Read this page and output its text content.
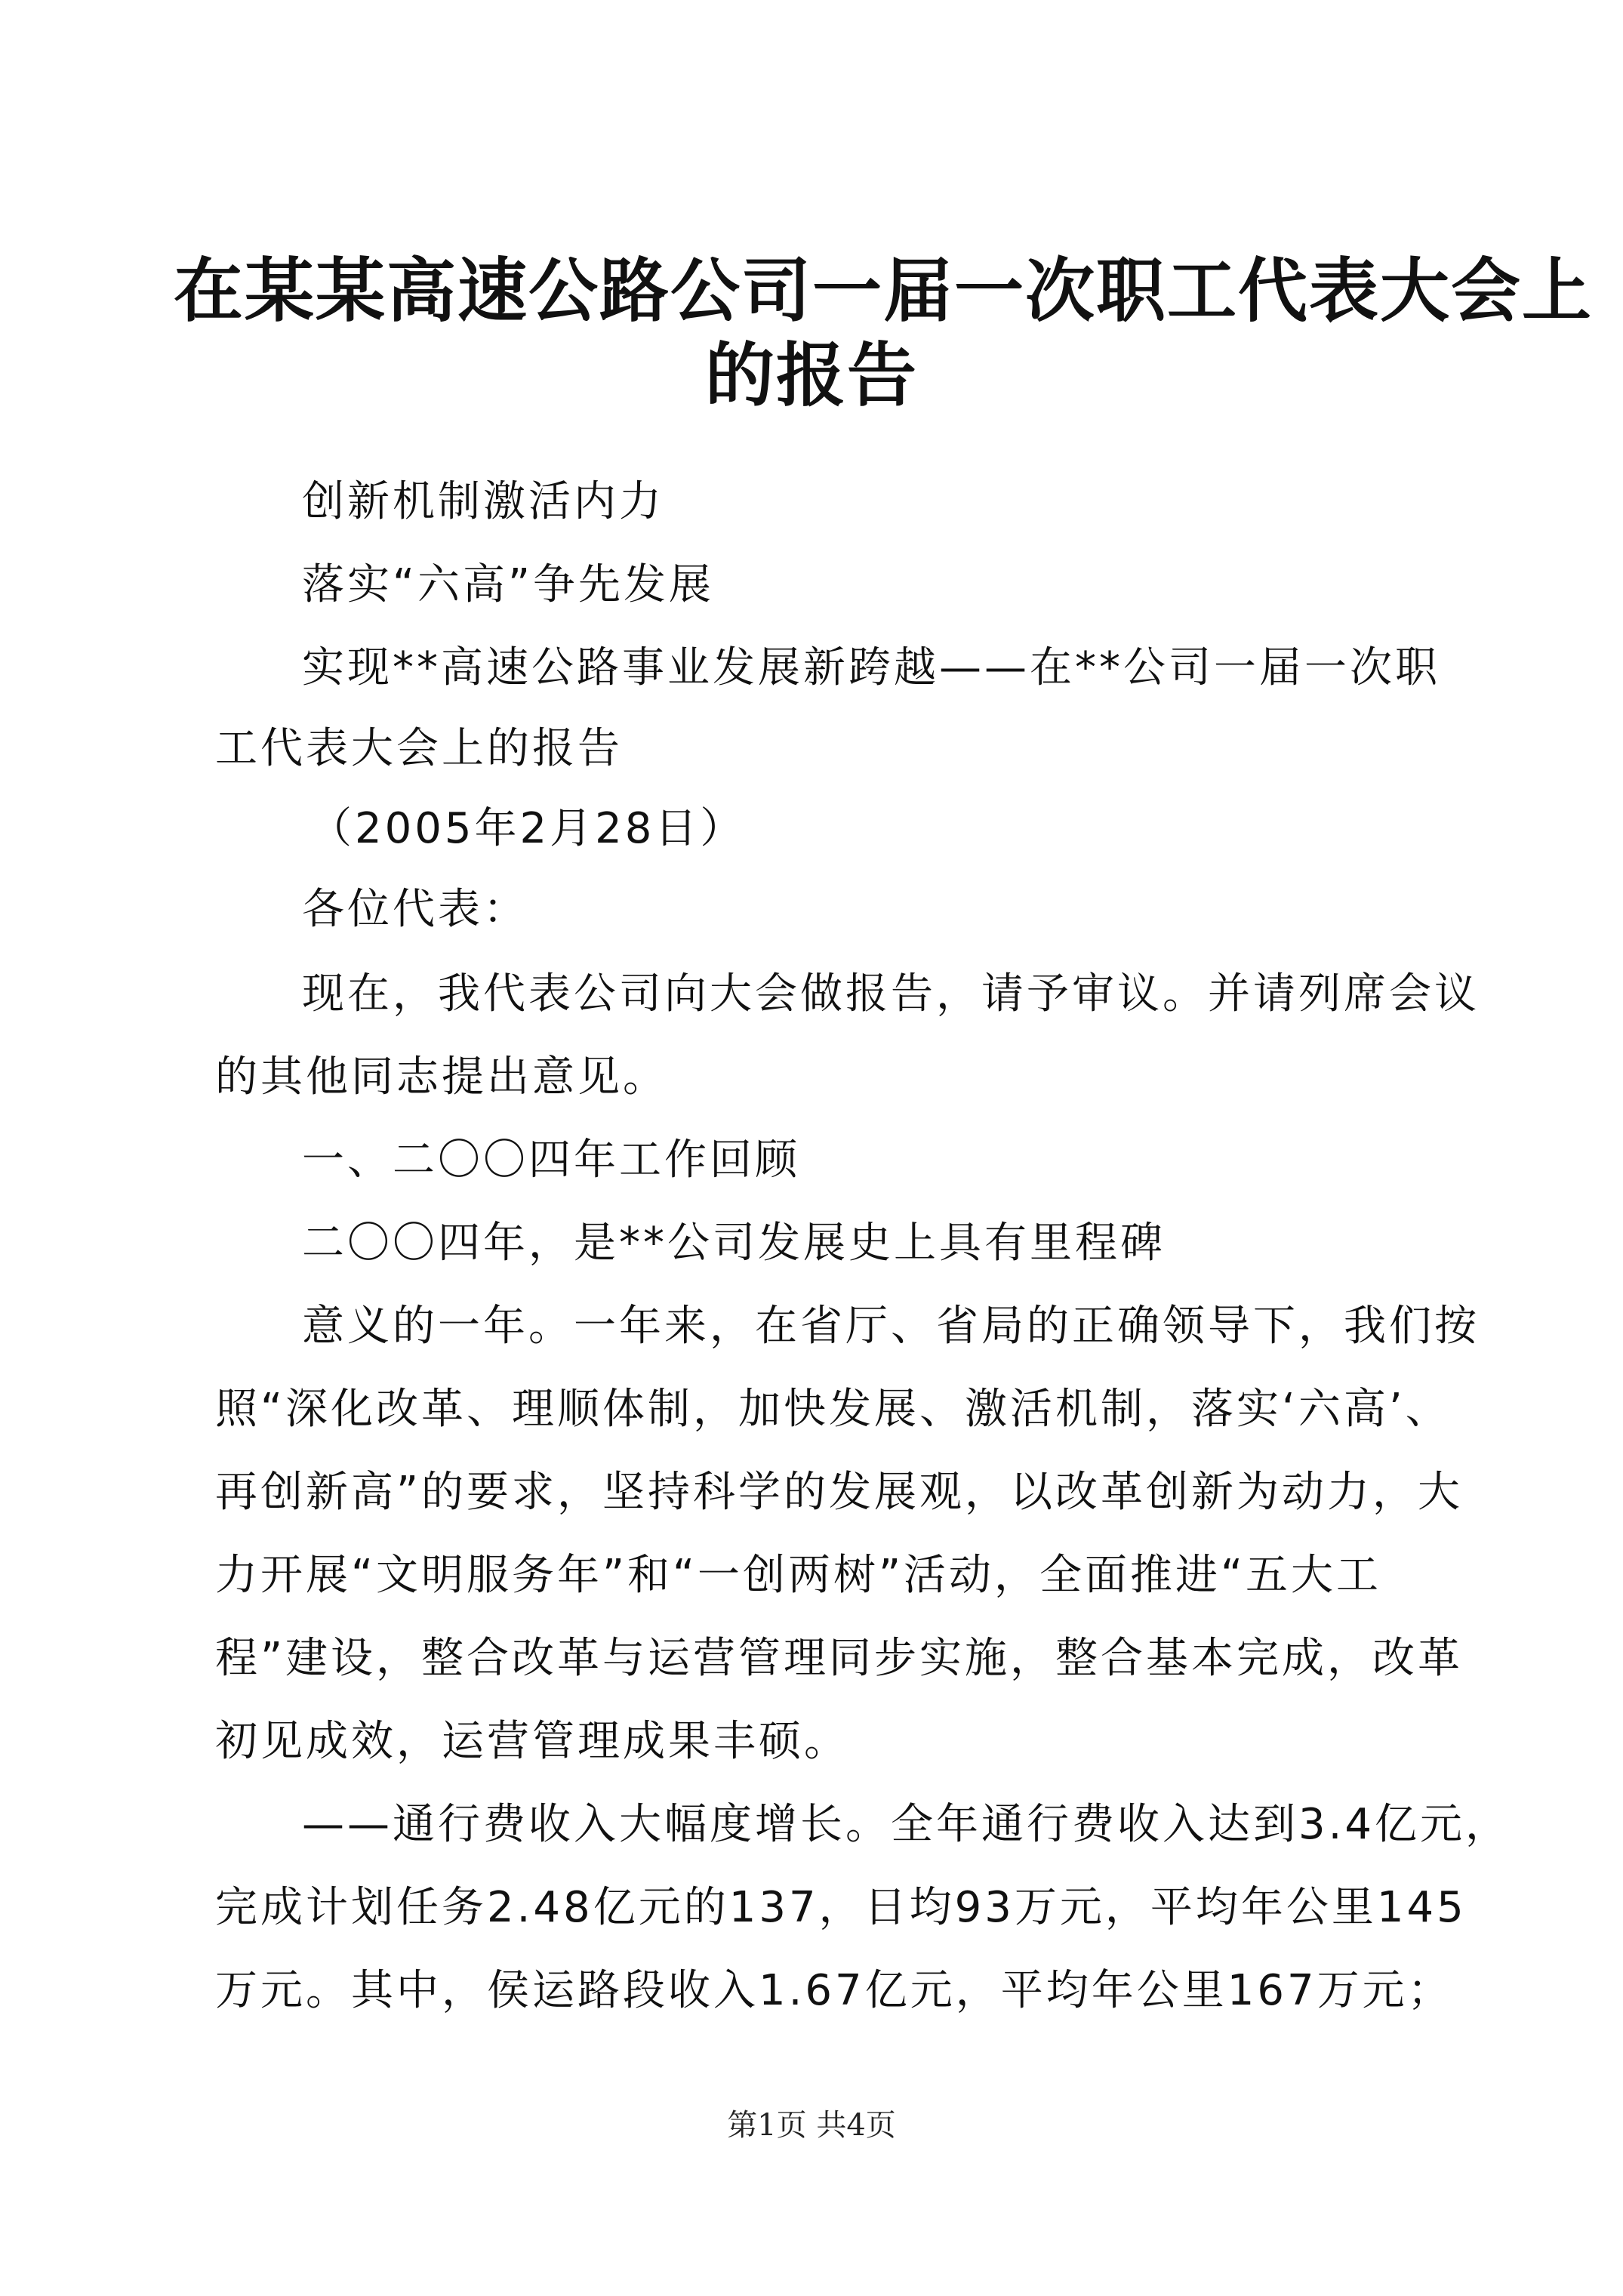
在某某高速公路公司一届一次职工代表大会上
的报告
创新机制激活内力
落实“六高”争先发展
实现**高速公路事业发展新跨越——在**公司一届一次职
工代表大会上的报告
（2005年2月28日）
各位代表：
现在，我代表公司向大会做报告，请予审议。并请列席会议
的其他同志提出意见。
一、二〇〇四年工作回顾
二〇〇四年，是**公司发展史上具有里程碑
意义的一年。一年来，在省厅、省局的正确领导下，我们按
照“深化改革、理顺体制，加快发展、激活机制，落实‘六高’、
再创新高”的要求，坚持科学的发展观，以改革创新为动力，大
力开展“文明服务年”和“一创两树”活动，全面推进“五大工
程”建设，整合改革与运营管理同步实施，整合基本完成，改革
初见成效，运营管理成果丰硕。
——通行费收入大幅度增长。全年通行费收入达到3.4亿元，
完成计划任务2.48亿元的137，日均93万元，平均年公里145
万元。其中，侯运路段收入1.67亿元，平均年公里167万元；
第1页 共4页
